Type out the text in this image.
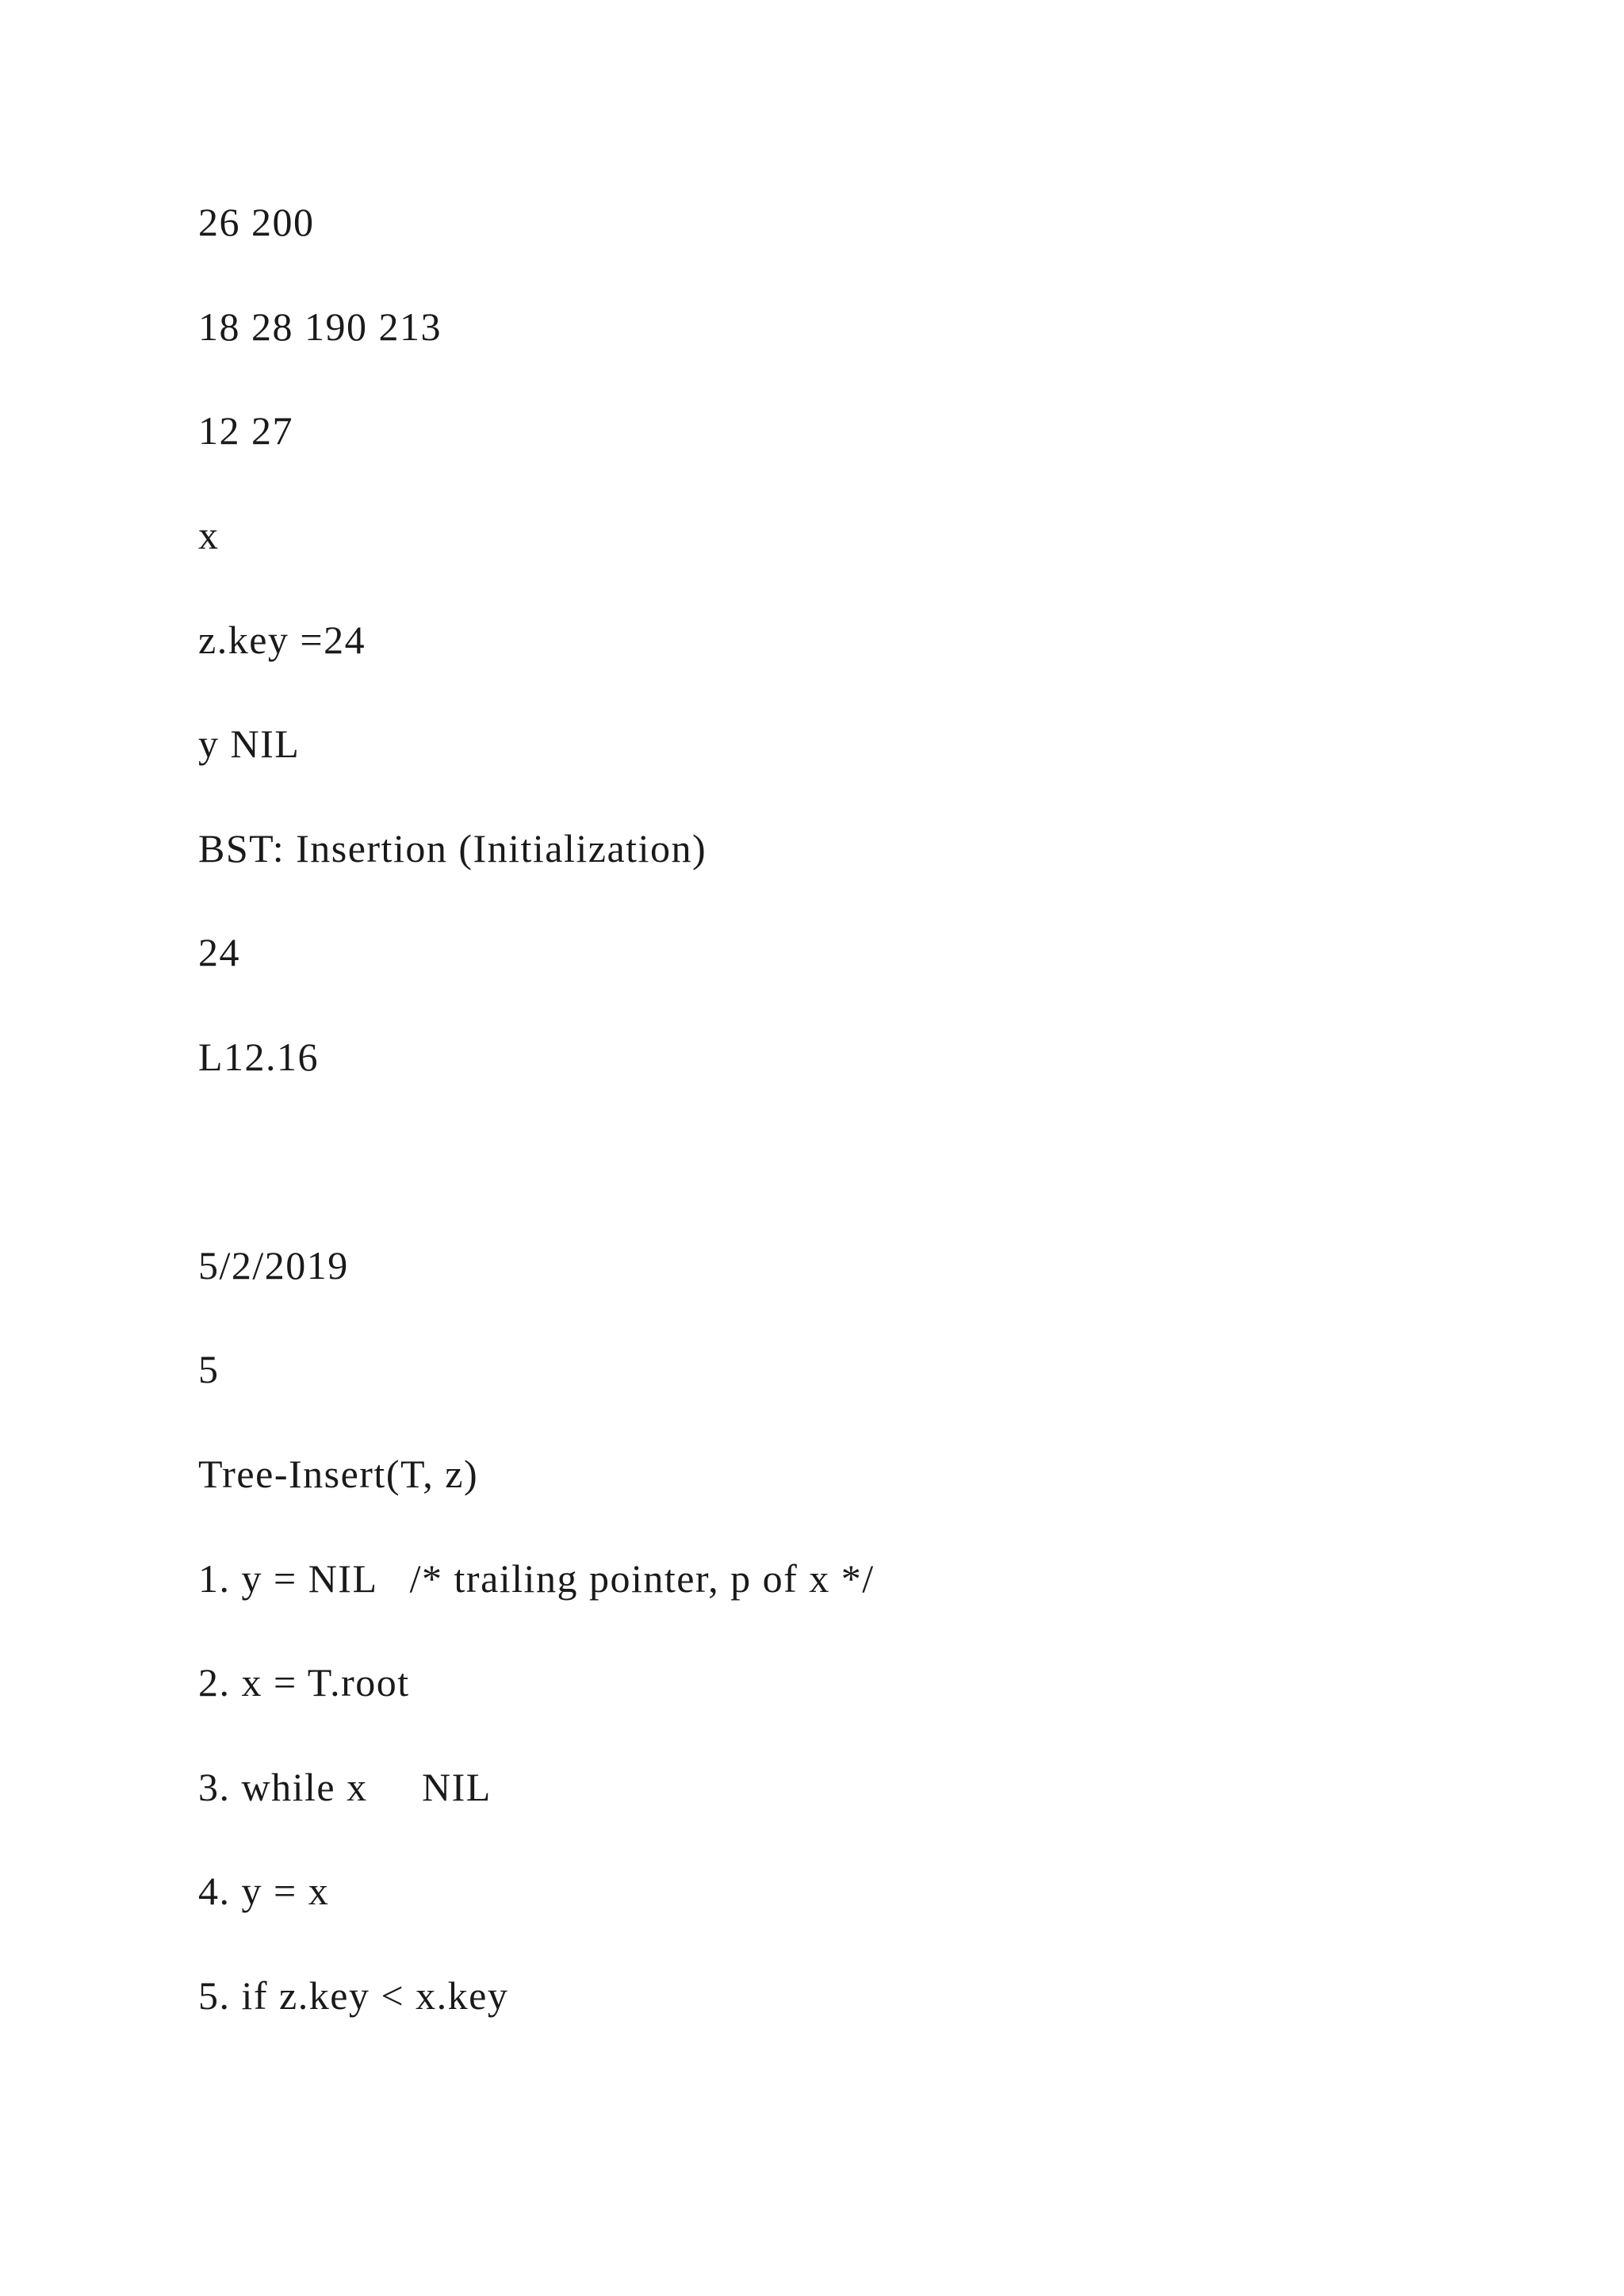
26 200

18 28 190 213

12 27

x

z.key =24

y NIL

BST: Insertion (Initialization)

24

L12.16

5/2/2019

5

Tree-Insert(T, z)

1. y = NIL   /* trailing pointer, p of x */

2. x = T.root

3. while x   NIL

4. y = x

5. if z.key < x.key
